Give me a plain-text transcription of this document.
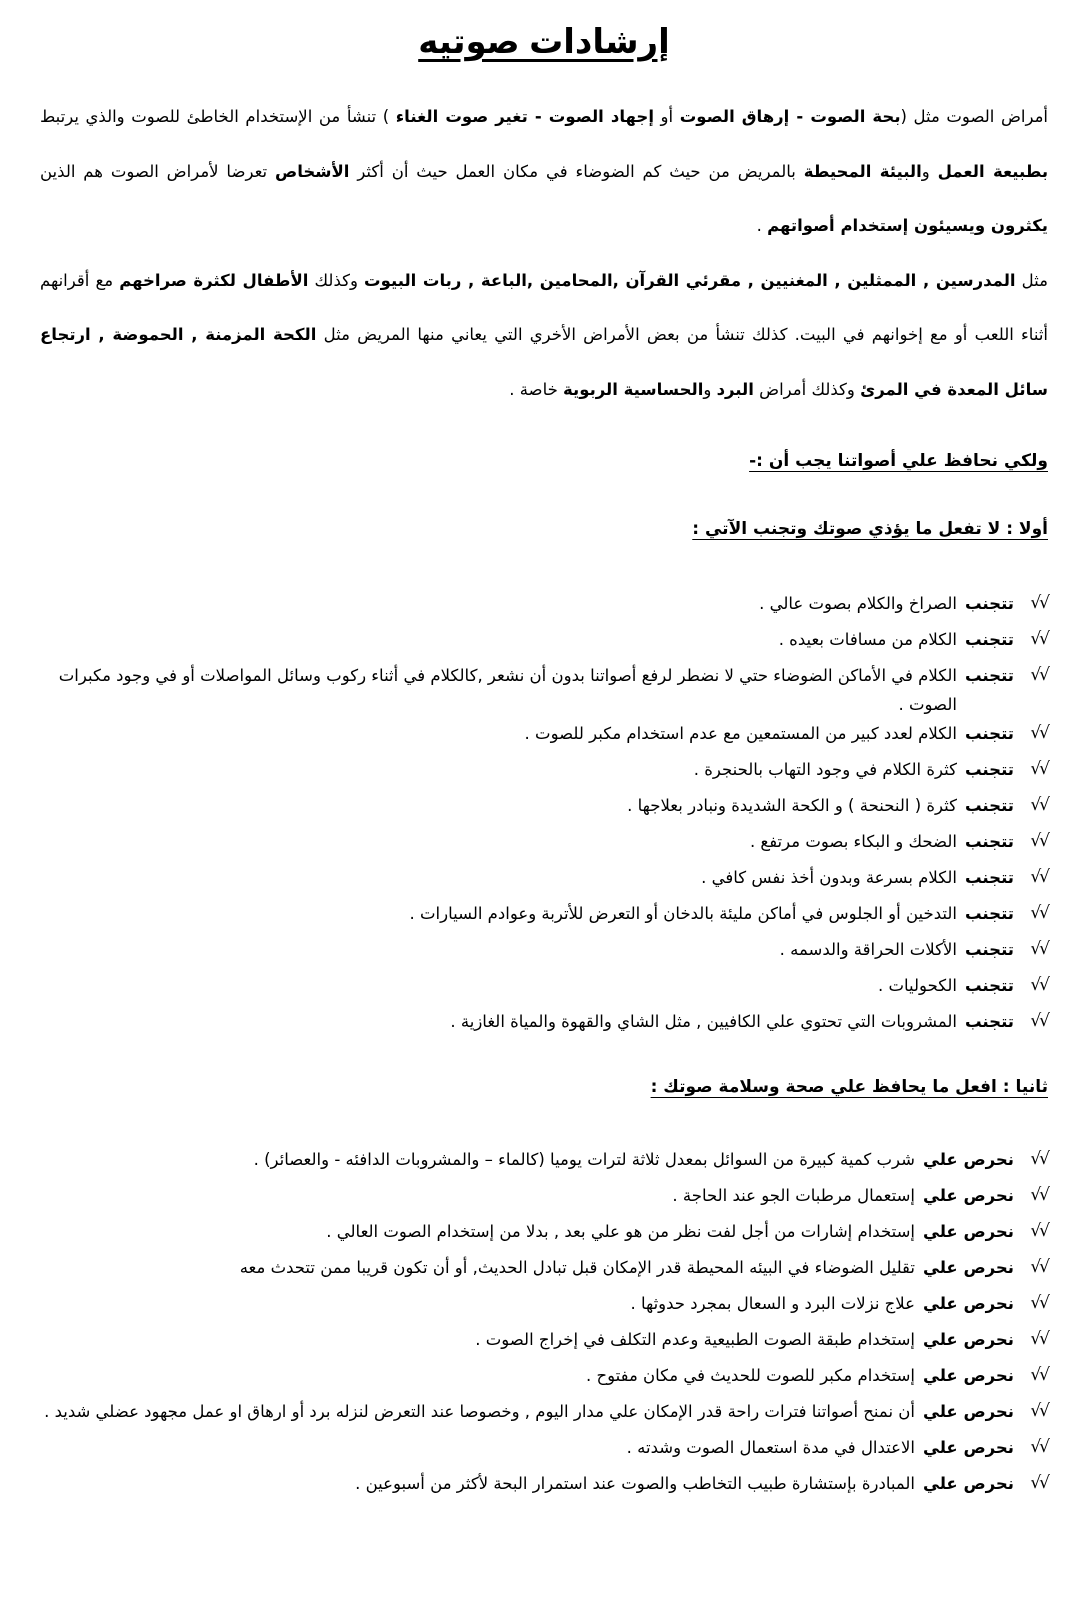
إرشادات صوتيه

أمراض الصوت مثل (بحة الصوت - إرهاق الصوت أو إجهاد الصوت - تغير صوت الغناء ) تنشأ من الإستخدام الخاطئ للصوت والذي يرتبط بطبيعة العمل والبيئة المحيطة بالمريض من حيث كم الضوضاء في مكان العمل حيث أن أكثر الأشخاص تعرضا لأمراض الصوت هم الذين يكثرون ويسيئون إستخدام أصواتهم .

مثل المدرسين , الممثلين , المغنيين , مقرئي القرآن ,المحامين ,الباعة , ربات البيوت وكذلك الأطفال لكثرة صراخهم مع أقرانهم أثناء اللعب أو مع إخوانهم في البيت. كذلك تنشأ من بعض الأمراض الأخري التي يعاني منها المريض مثل الكحة المزمنة , الحموضة , ارتجاع سائل المعدة في المرئ وكذلك أمراض البرد والحساسية الربوية خاصة .

ولكي نحافظ علي أصواتنا يجب أن :-
أولا : لا تفعل ما يؤذي صوتك وتجنب الآتي :
√√
تتجنب
الصراخ والكلام بصوت عالي .
√√
تتجنب
الكلام من مسافات بعيده .
√√
تتجنب
الكلام في الأماكن الضوضاء حتي لا نضطر لرفع أصواتنا بدون أن نشعر ,كالكلام في أثناء ركوب وسائل المواصلات أو في وجود مكبرات الصوت .
√√
تتجنب
الكلام لعدد كبير من المستمعين مع عدم استخدام مكبر للصوت .
√√
تتجنب
كثرة الكلام في وجود التهاب بالحنجرة .
√√
تتجنب
كثرة ( النحنحة ) و الكحة الشديدة ونبادر بعلاجها .
√√
تتجنب
الضحك و البكاء بصوت مرتفع .
√√
تتجنب
الكلام بسرعة وبدون أخذ نفس كافي .
√√
تتجنب
التدخين أو الجلوس في أماكن مليئة بالدخان أو التعرض للأتربة وعوادم السيارات .
√√
تتجنب
الأكلات الحراقة والدسمه .
√√
تتجنب
الكحوليات .
√√
تتجنب
المشروبات التي تحتوي علي الكافيين , مثل الشاي والقهوة والمياة الغازية .
ثانيا : افعل ما يحافظ علي صحة وسلامة صوتك :
√√
نحرص علي
شرب كمية كبيرة من السوائل بمعدل ثلاثة لترات يوميا (كالماء – والمشروبات الدافئه - والعصائر) .
√√
نحرص علي
إستعمال مرطبات الجو عند الحاجة .
√√
نحرص علي
إستخدام إشارات من أجل لفت نظر من هو علي بعد , بدلا من إستخدام الصوت العالي .
√√
نحرص علي
تقليل الضوضاء في البيئه المحيطة قدر الإمكان قبل تبادل الحديث, أو أن تكون قريبا ممن تتحدث معه
√√
نحرص علي
علاج نزلات البرد و السعال بمجرد حدوثها .
√√
نحرص علي
إستخدام طبقة الصوت الطبيعية وعدم التكلف في إخراج الصوت .
√√
نحرص علي
إستخدام مكبر للصوت للحديث في مكان مفتوح .
√√
نحرص علي
أن نمنح أصواتنا فترات راحة قدر الإمكان علي مدار اليوم , وخصوصا عند التعرض لنزله برد أو ارهاق او عمل مجهود عضلي شديد .
√√
نحرص علي
الاعتدال في مدة استعمال الصوت وشدته .
√√
نحرص علي
المبادرة بإستشارة طبيب التخاطب والصوت عند استمرار البحة لأكثر من أسبوعين .
